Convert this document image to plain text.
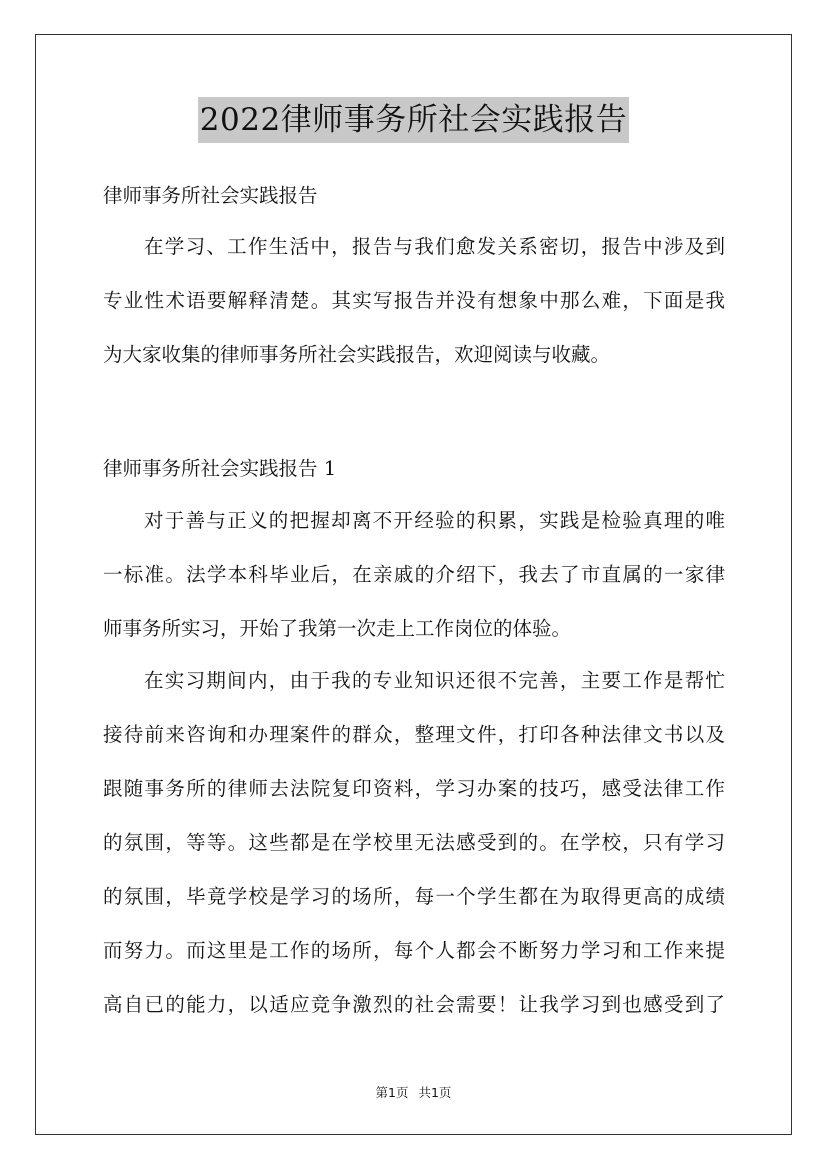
2022律师事务所社会实践报告
律师事务所社会实践报告
在学习、工作生活中，报告与我们愈发关系密切，报告中涉及到
专业性术语要解释清楚。其实写报告并没有想象中那么难，下面是我
为大家收集的律师事务所社会实践报告，欢迎阅读与收藏。
律师事务所社会实践报告 1
对于善与正义的把握却离不开经验的积累，实践是检验真理的唯
一标准。法学本科毕业后，在亲戚的介绍下，我去了市直属的一家律
师事务所实习，开始了我第一次走上工作岗位的体验。
在实习期间内，由于我的专业知识还很不完善，主要工作是帮忙
接待前来咨询和办理案件的群众，整理文件，打印各种法律文书以及
跟随事务所的律师去法院复印资料，学习办案的技巧，感受法律工作
的氛围，等等。这些都是在学校里无法感受到的。在学校，只有学习
的氛围，毕竟学校是学习的场所，每一个学生都在为取得更高的成绩
而努力。而这里是工作的场所，每个人都会不断努力学习和工作来提
高自已的能力，以适应竞争激烈的社会需要！让我学习到也感受到了
第1页 共1页
